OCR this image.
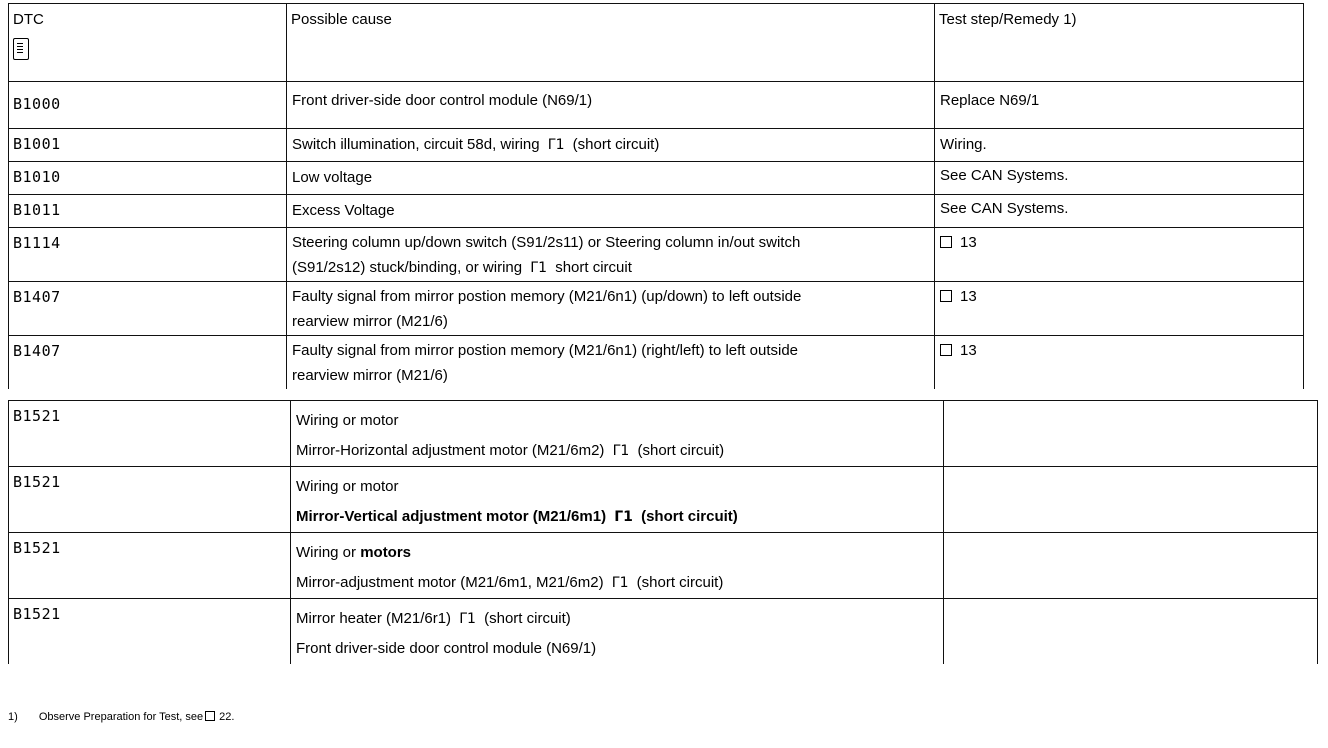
DTC	Possible cause	Test step/Remedy 1)

B1000	Front driver-side door control module (N69/1)	Replace N69/1
B1001	Switch illumination, circuit 58d, wiring Γ1 (short circuit)	Wiring.
B1010	Low voltage	See CAN Systems.
B1011	Excess Voltage	See CAN Systems.
B1114	Steering column up/down switch (S91/2s11) or Steering column in/out switch
(S91/2s12) stuck/binding, or wiring Γ1 short circuit	13
B1407	Faulty signal from mirror postion memory (M21/6n1) (up/down) to left outside
rearview mirror (M21/6)	13
B1407	Faulty signal from mirror postion memory (M21/6n1) (right/left) to left outside
rearview mirror (M21/6)	13
B1521	Wiring or motor
Mirror-Horizontal adjustment motor (M21/6m2) Γ1 (short circuit)	

B1521	Wiring or motor
Mirror-Vertical adjustment motor (M21/6m1) Γ1 (short circuit)	

B1521	Wiring or motors
Mirror-adjustment motor (M21/6m1, M21/6m2) Γ1 (short circuit)	

B1521	Mirror heater (M21/6r1) Γ1 (short circuit)
Front driver-side door control module (N69/1)	

1) Observe Preparation for Test, see 22.
